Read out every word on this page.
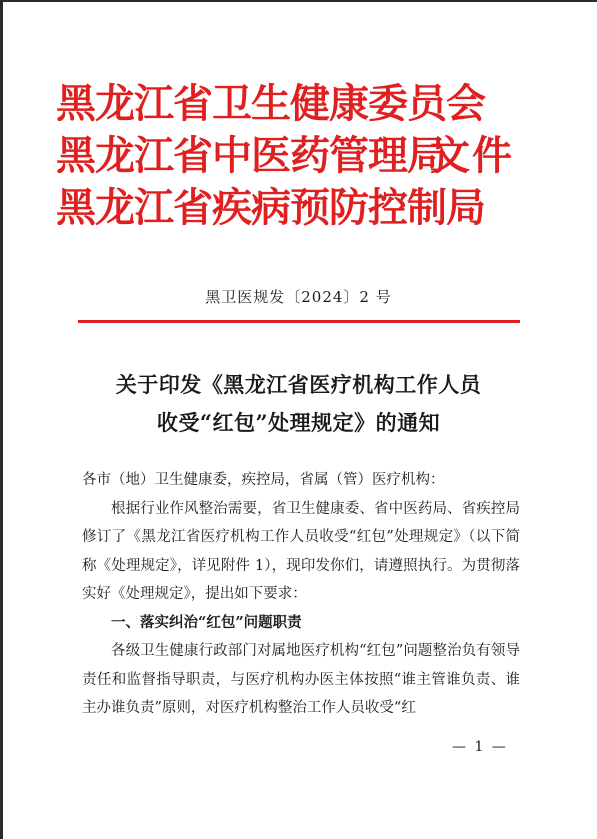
黑龙江省卫生健康委员会
黑龙江省中医药管理局
黑龙江省疾病预防控制局
文件
黑卫医规发〔2024〕2 号
关于印发《黑龙江省医疗机构工作人员
收受“红包”处理规定》的通知

各市（地）卫生健康委，疾控局，省属（管）医疗机构：

根据行业作风整治需要，省卫生健康委、省中医药局、省疾控局修订了《黑龙江省医疗机构工作人员收受“红包”处理规定》（以下简称《处理规定》，详见附件 1），现印发你们，请遵照执行。为贯彻落实好《处理规定》，提出如下要求：

一、落实纠治“红包”问题职责

各级卫生健康行政部门对属地医疗机构“红包”问题整治负有领导责任和监督指导职责，与医疗机构办医主体按照“谁主管谁负责、谁主办谁负责”原则，对医疗机构整治工作人员收受“红

— 1 —
